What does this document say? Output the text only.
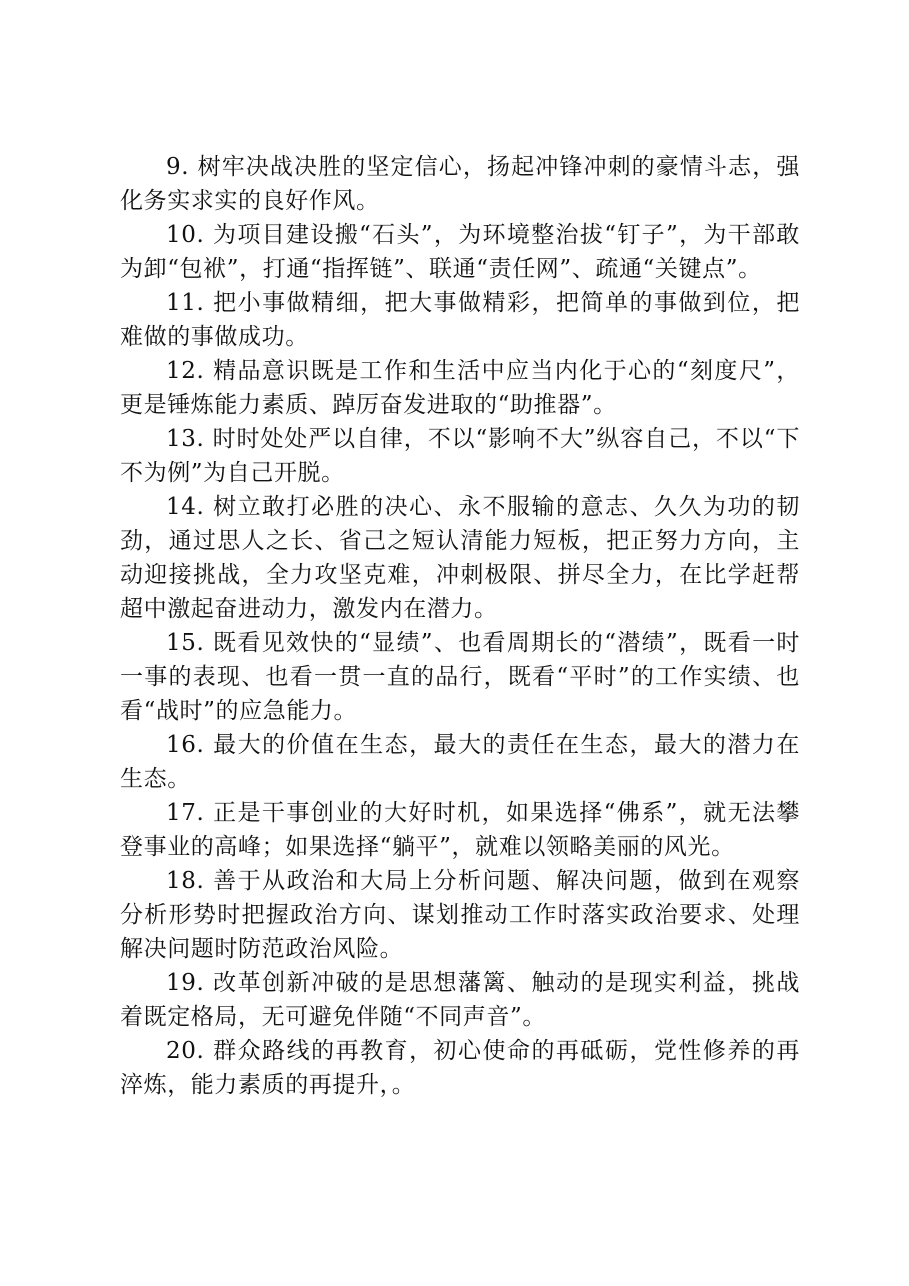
9. 树牢决战决胜的坚定信心，扬起冲锋冲刺的豪情斗志，强化务实求实的良好作风。

10. 为项目建设搬“石头”，为环境整治拔“钉子”，为干部敢为卸“包袱”，打通“指挥链”、联通“责任网”、疏通“关键点”。

11. 把小事做精细，把大事做精彩，把简单的事做到位，把难做的事做成功。

12. 精品意识既是工作和生活中应当内化于心的“刻度尺”，更是锤炼能力素质、踔厉奋发进取的“助推器”。

13. 时时处处严以自律，不以“影响不大”纵容自己，不以“下不为例”为自己开脱。

14. 树立敢打必胜的决心、永不服输的意志、久久为功的韧劲，通过思人之长、省己之短认清能力短板，把正努力方向，主动迎接挑战，全力攻坚克难，冲刺极限、拼尽全力，在比学赶帮超中激起奋进动力，激发内在潜力。

15. 既看见效快的“显绩”、也看周期长的“潜绩”，既看一时一事的表现、也看一贯一直的品行，既看“平时”的工作实绩、也看“战时”的应急能力。

16. 最大的价值在生态，最大的责任在生态，最大的潜力在生态。

17. 正是干事创业的大好时机，如果选择“佛系”，就无法攀登事业的高峰；如果选择“躺平”，就难以领略美丽的风光。

18. 善于从政治和大局上分析问题、解决问题，做到在观察分析形势时把握政治方向、谋划推动工作时落实政治要求、处理解决问题时防范政治风险。

19. 改革创新冲破的是思想藩篱、触动的是现实利益，挑战着既定格局，无可避免伴随“不同声音”。

20. 群众路线的再教育，初心使命的再砥砺，党性修养的再淬炼，能力素质的再提升，。
